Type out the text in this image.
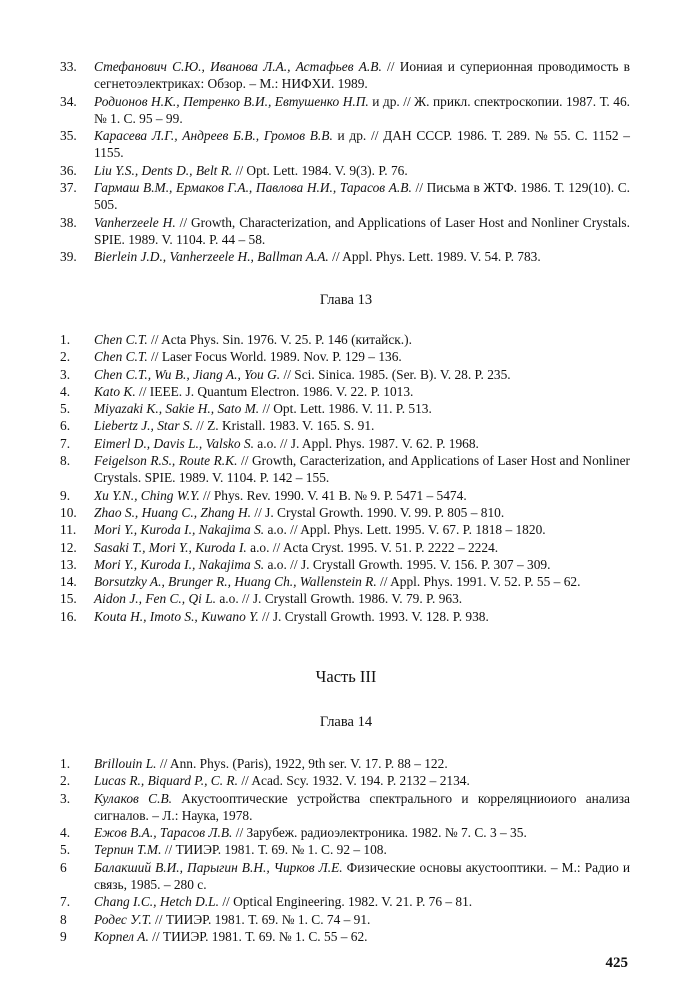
33.	Стефанович С.Ю., Иванова Л.А., Астафьев А.В. // Иониая и суперионная проводимость в сегнетоэлектриках: Обзор. – М.: НИФХИ. 1989.
34.	Родионов Н.К., Петренко В.И., Евтушенко Н.П. и др. // Ж. прикл. спектроскопии. 1987. Т. 46. № 1. С. 95 – 99.
35.	Карасева Л.Г., Андреев Б.В., Громов В.В. и др. // ДАН СССР. 1986. Т. 289. № 55. С. 1152 – 1155.
36.	Liu Y.S., Dents D., Belt R. // Opt. Lett. 1984. V. 9(3). P. 76.
37.	Гармаш В.М., Ермаков Г.А., Павлова Н.И., Тарасов А.В. // Письма в ЖТФ. 1986. Т. 129(10). С. 505.
38.	Vanherzeele H. // Growth, Characterization, and Applications of Laser Host and Nonliner Crystals. SPIE. 1989. V. 1104. P. 44 – 58.
39.	Bierlein J.D., Vanherzeele H., Ballman A.A. // Appl. Phys. Lett. 1989. V. 54. P. 783.
Глава 13
1.	Chen C.T. // Acta Phys. Sin. 1976. V. 25. P. 146 (китайск.).
2.	Chen C.T. // Laser Focus World. 1989. Nov. P. 129 – 136.
3.	Chen C.T., Wu B., Jiang A., You G. // Sci. Sinica. 1985. (Ser. B). V. 28. P. 235.
4.	Kato K. // IEEE. J. Quantum Electron. 1986. V. 22. P. 1013.
5.	Miyazaki K., Sakie H., Sato M. // Opt. Lett. 1986. V. 11. P. 513.
6.	Liebertz J., Star S. // Z. Kristall. 1983. V. 165. S. 91.
7.	Eimerl D., Davis L., Valsko S. a.o. // J. Appl. Phys. 1987. V. 62. P. 1968.
8.	Feigelson R.S., Route R.K. // Growth, Caracterization, and Applications of Laser Host and Nonliner Crystals. SPIE. 1989. V. 1104. P. 142 – 155.
9.	Xu Y.N., Ching W.Y. // Phys. Rev. 1990. V. 41 B. № 9. P. 5471 – 5474.
10.	Zhao S., Huang C., Zhang H. // J. Crystal Growth. 1990. V. 99. P. 805 – 810.
11.	Mori Y., Kuroda I., Nakajima S. a.o. // Appl. Phys. Lett. 1995. V. 67. P. 1818 – 1820.
12.	Sasaki T., Mori Y., Kuroda I. a.o. // Acta Cryst. 1995. V. 51. P. 2222 – 2224.
13.	Mori Y., Kuroda I., Nakajima S. a.o. // J. Crystall Growth. 1995. V. 156. P. 307 – 309.
14.	Borsutzky A., Brunger R., Huang Ch., Wallenstein R. // Appl. Phys. 1991. V. 52. P. 55 – 62.
15.	Aidon J., Fen C., Qi L. a.o. // J. Crystall Growth. 1986. V. 79. P. 963.
16.	Kouta H., Imoto S., Kuwano Y. // J. Crystall Growth. 1993. V. 128. P. 938.
Часть III
Глава 14
1.	Brillouin L. // Ann. Phys. (Paris), 1922, 9th ser. V. 17. P. 88 – 122.
2.	Lucas R., Biquard P., C. R. // Acad. Scy. 1932. V. 194. P. 2132 – 2134.
3.	Кулаков С.В. Акустооптические устройства спектрального и корреляцниоиого анализа сигналов. – Л.: Наука, 1978.
4.	Ежов В.А., Тарасов Л.В. // Зарубеж. радиоэлектроника. 1982. № 7. С. 3 – 35.
5.	Терпин Т.М. // ТИИЭР. 1981. Т. 69. № 1. С. 92 – 108.
6	Балакший В.И., Парыгин В.Н., Чирков Л.Е. Физические основы акустооптики. – М.: Радио и связь, 1985. – 280 с.
7.	Chang I.C., Hetch D.L. // Optical Engineering. 1982. V. 21. P. 76 – 81.
8	Родес У.Т. // ТИИЭР. 1981. Т. 69. № 1. С. 74 – 91.
9	Корпел А. // ТИИЭР. 1981. Т. 69. № 1. С. 55 – 62.
425
